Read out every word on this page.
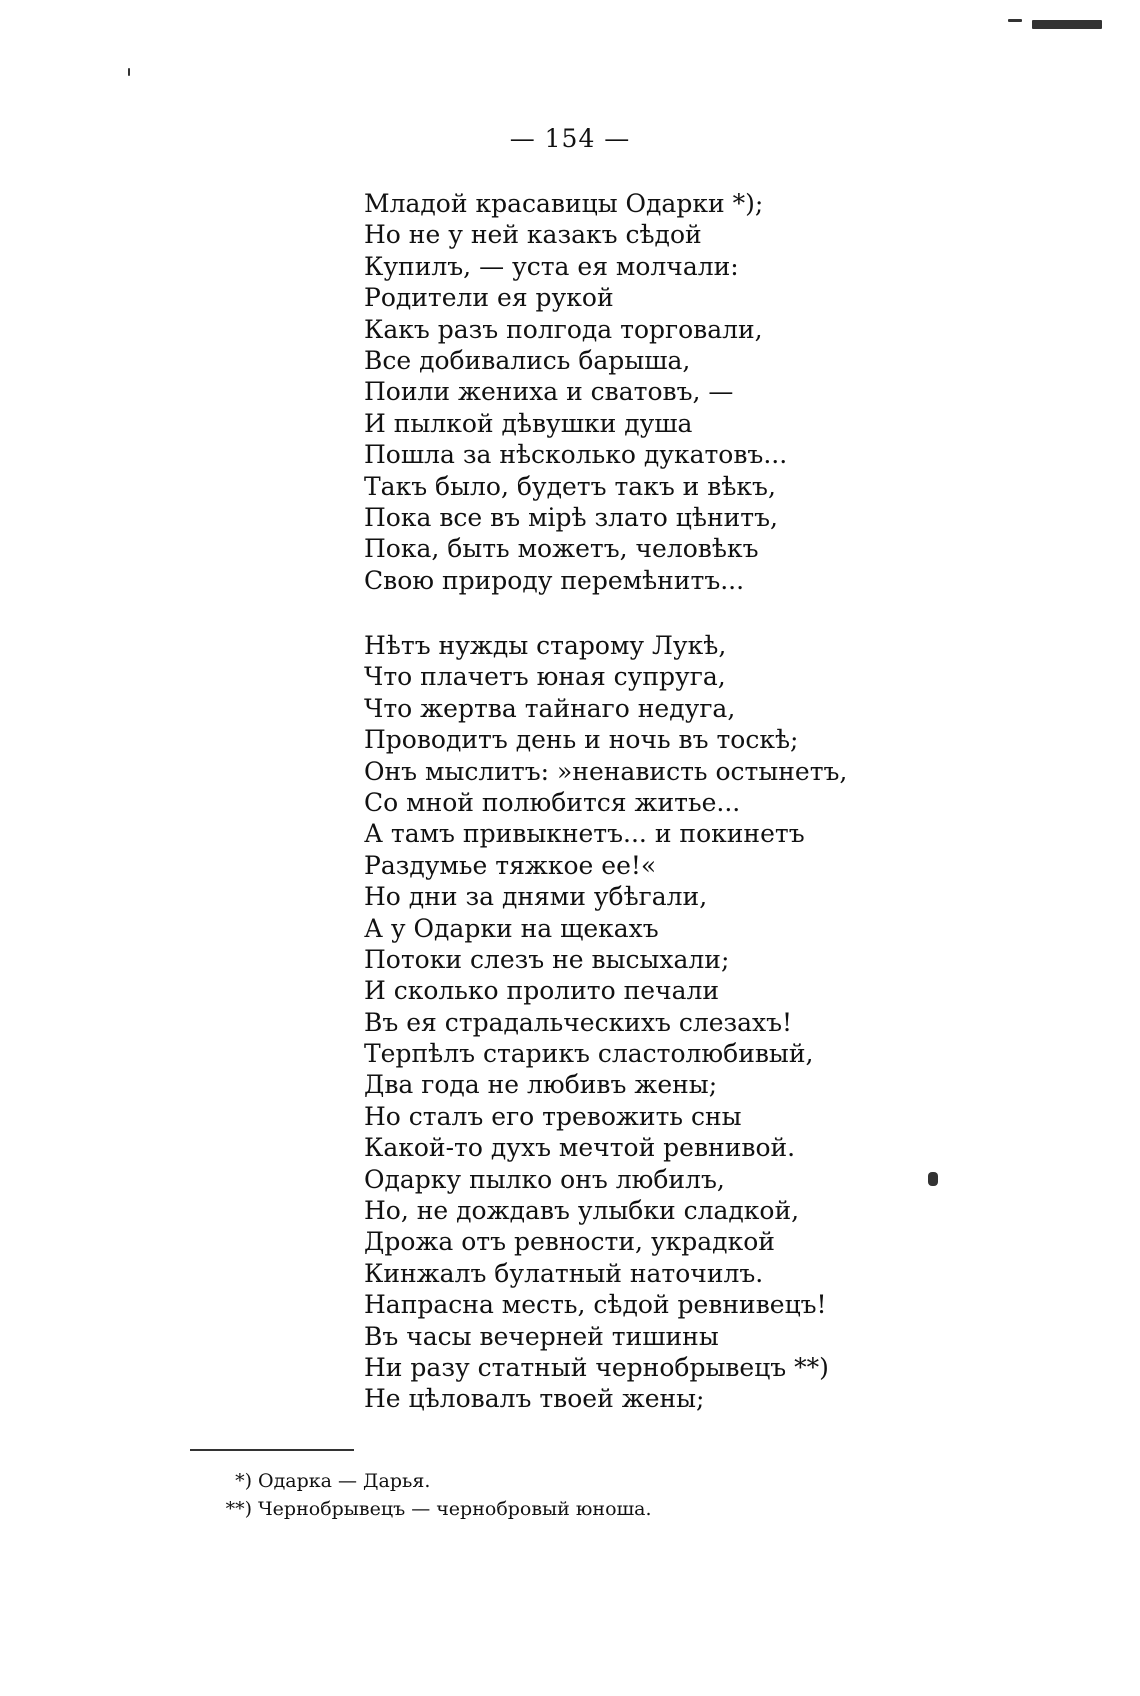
— 154 —
Младой красавицы Одарки *);
Но не у ней казакъ сѣдой
Купилъ, — уста ея молчали:
Родители ея рукой
Какъ разъ полгода торговали,
Все добивались барыша,
Поили жениха и сватовъ, —
И пылкой дѣвушки душа
Пошла за нѣсколько дукатовъ...
Такъ было, будетъ такъ и вѣкъ,
Пока все въ мірѣ злато цѣнитъ,
Пока, быть можетъ, человѣкъ
Свою природу перемѣнитъ...
Нѣтъ нужды старому Лукѣ,
Что плачетъ юная супруга,
Что жертва тайнаго недуга,
Проводитъ день и ночь въ тоскѣ;
Онъ мыслитъ: »ненависть остынетъ,
Со мной полюбится житье...
А тамъ привыкнетъ... и покинетъ
Раздумье тяжкое ее!«
Но дни за днями убѣгали,
А у Одарки на щекахъ
Потоки слезъ не высыхали;
И сколько пролито печали
Въ ея страдальческихъ слезахъ!
Терпѣлъ старикъ сластолюбивый,
Два года не любивъ жены;
Но сталъ его тревожить сны
Какой-то духъ мечтой ревнивой.
Одарку пылко онъ любилъ,
Но, не дождавъ улыбки сладкой,
Дрожа отъ ревности, украдкой
Кинжалъ булатный наточилъ.
Напрасна месть, сѣдой ревнивецъ!
Въ часы вечерней тишины
Ни разу статный чернобрывецъ **)
Не цѣловалъ твоей жены;
*) Одарка — Дарья.
**) Чернобрывецъ — чернобровый юноша.
